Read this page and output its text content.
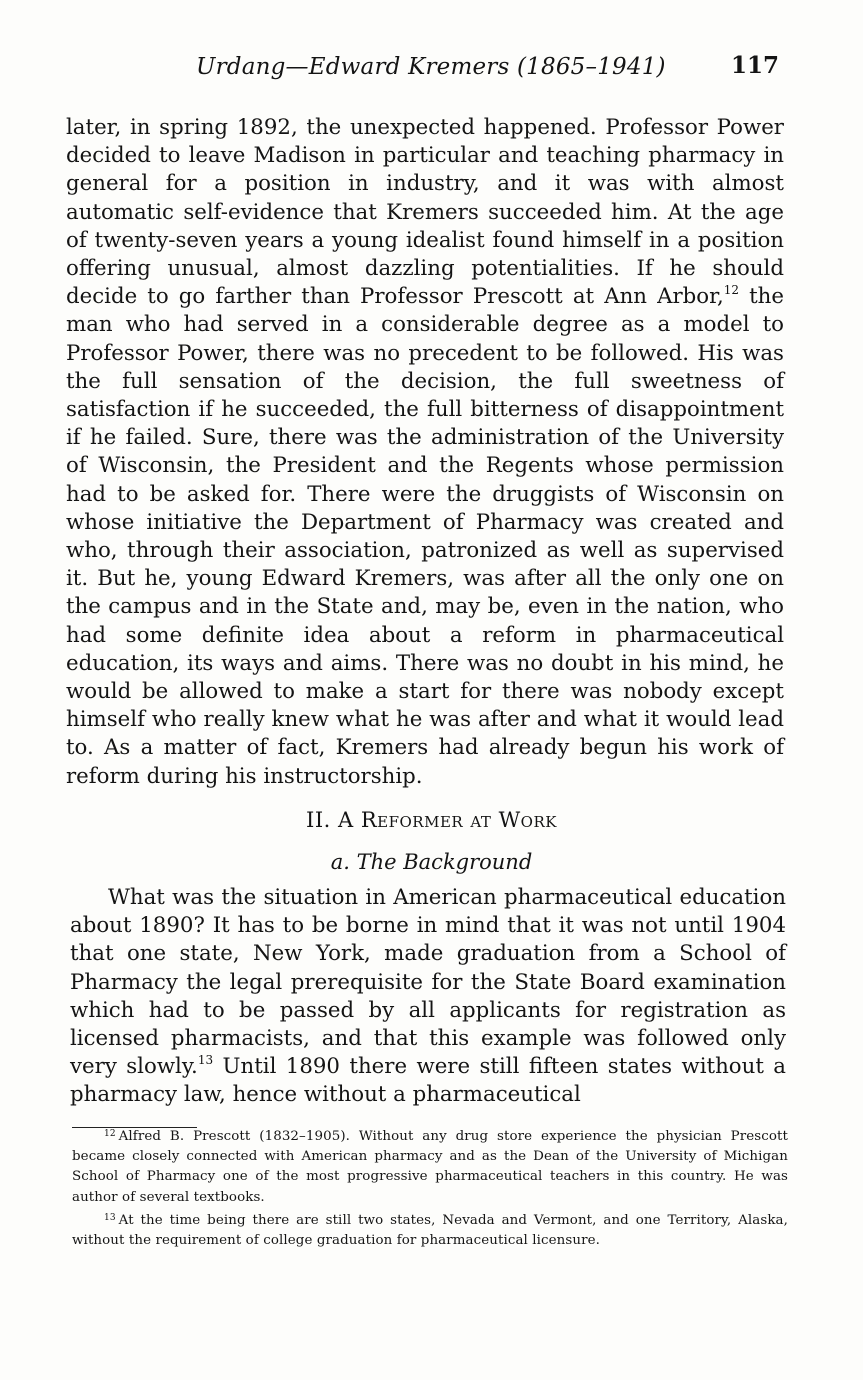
Urdang—Edward Kremers (1865–1941)	117

later, in spring 1892, the unexpected happened. Professor Power decided to leave Madison in particular and teaching pharmacy in general for a position in industry, and it was with almost automatic self-evidence that Kremers succeeded him. At the age of twenty-seven years a young idealist found himself in a position offering unusual, almost dazzling potentialities. If he should decide to go farther than Professor Prescott at Ann Arbor,$^{12}$ the man who had served in a considerable degree as a model to Professor Power, there was no precedent to be followed. His was the full sensation of the decision, the full sweetness of satisfaction if he succeeded, the full bitterness of disappointment if he failed. Sure, there was the administration of the University of Wisconsin, the President and the Regents whose permission had to be asked for. There were the druggists of Wisconsin on whose initiative the Department of Pharmacy was created and who, through their association, patronized as well as supervised it. But he, young Edward Kremers, was after all the only one on the campus and in the State and, may be, even in the nation, who had some definite idea about a reform in pharmaceutical education, its ways and aims. There was no doubt in his mind, he would be allowed to make a start for there was nobody except himself who really knew what he was after and what it would lead to. As a matter of fact, Kremers had already begun his work of reform during his instructorship.

II. A Reformer at Work
a. The Background

What was the situation in American pharmaceutical education about 1890? It has to be borne in mind that it was not until 1904 that one state, New York, made graduation from a School of Pharmacy the legal prerequisite for the State Board examination which had to be passed by all applicants for registration as licensed pharmacists, and that this example was followed only very slowly.$^{13}$ Until 1890 there were still fifteen states without a pharmacy law, hence without a pharmaceutical

$^{12}$ Alfred B. Prescott (1832–1905). Without any drug store experience the physician Prescott became closely connected with American pharmacy and as the Dean of the University of Michigan School of Pharmacy one of the most progressive pharmaceutical teachers in this country. He was author of several textbooks.

$^{13}$ At the time being there are still two states, Nevada and Vermont, and one Territory, Alaska, without the requirement of college graduation for pharmaceutical licensure.
